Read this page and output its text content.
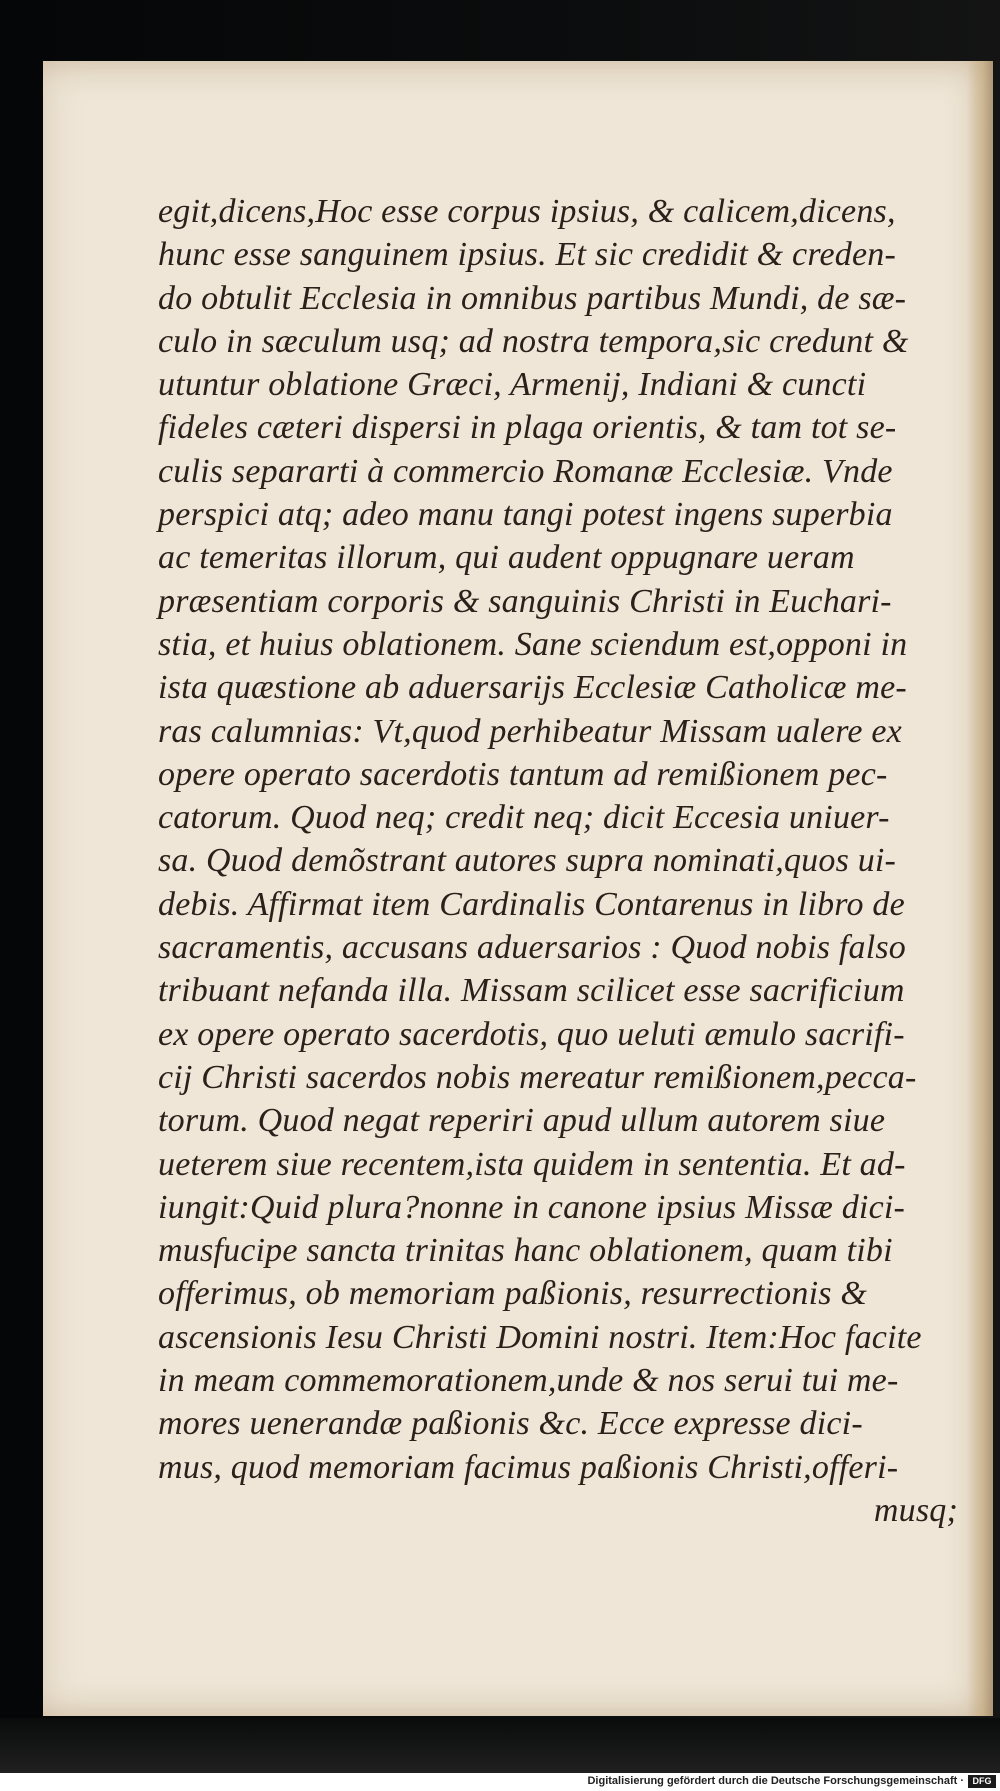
egit,dicens,Hoc esse corpus ipsius, & calicem,dicens,
hunc esse sanguinem ipsius. Et sic credidit & creden-
do obtulit Ecclesia in omnibus partibus Mundi, de sæ-
culo in sæculum usq; ad nostra tempora,sic credunt &
utuntur oblatione Græci, Armenij, Indiani & cuncti
fideles cæteri dispersi in plaga orientis, & tam tot se-
culis separarti à commercio Romanæ Ecclesiæ. Vnde
perspici atq; adeo manu tangi potest ingens superbia
ac temeritas illorum, qui audent oppugnare ueram
præsentiam corporis & sanguinis Christi in Euchari-
stia, et huius oblationem. Sane sciendum est,opponi in
ista quæstione ab aduersarijs Ecclesiæ Catholicæ me-
ras calumnias: Vt,quod perhibeatur Missam ualere ex
opere operato sacerdotis tantum ad remißionem pec-
catorum. Quod neq; credit neq; dicit Eccesia uniuer-
sa. Quod demõstrant autores supra nominati,quos ui-
debis. Affirmat item Cardinalis Contarenus in libro de
sacramentis, accusans aduersarios : Quod nobis falso
tribuant nefanda illa. Missam scilicet esse sacrificium
ex opere operato sacerdotis, quo ueluti æmulo sacrifi-
cij Christi sacerdos nobis mereatur remißionem,pecca-
torum. Quod negat reperiri apud ullum autorem siue
ueterem siue recentem,ista quidem in sententia. Et ad-
iungit:Quid plura?nonne in canone ipsius Missæ dici-
musfucipe sancta trinitas hanc oblationem, quam tibi
offerimus, ob memoriam paßionis, resurrectionis &
ascensionis Iesu Christi Domini nostri. Item:Hoc facite
in meam commemorationem,unde & nos serui tui me-
mores uenerandæ paßionis &c. Ecce expresse dici-
mus, quod memoriam facimus paßionis Christi,offeri-
musq;
Digitalisierung gefördert durch die Deutsche Forschungsgemeinschaft · DFG
